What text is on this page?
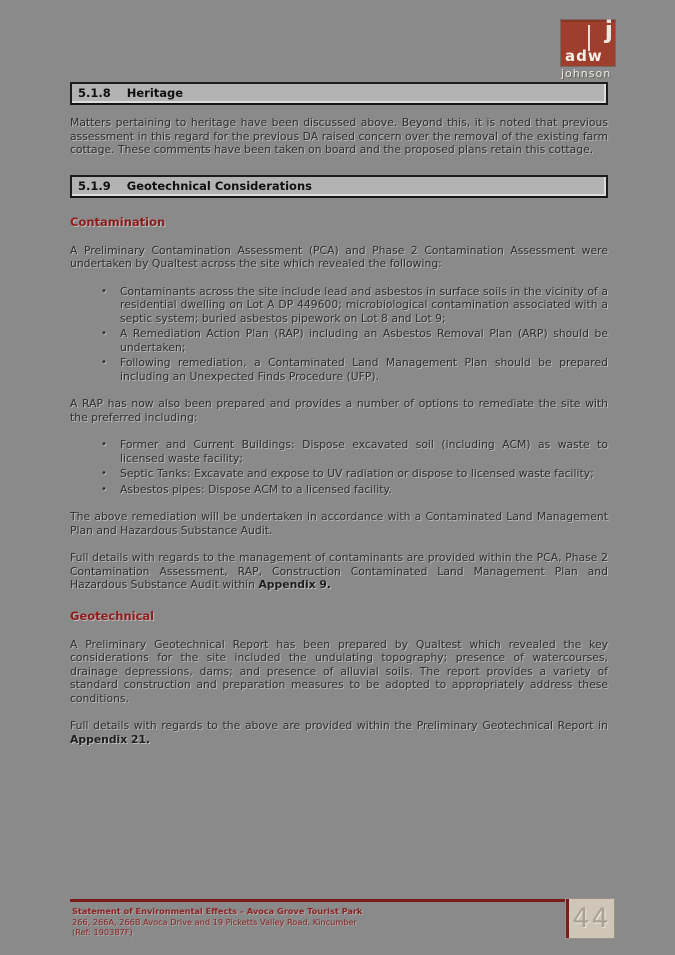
j
adw
johnson
5.1.8 Heritage

Matters pertaining to heritage have been discussed above. Beyond this, it is noted that previous assessment in this regard for the previous DA raised concern over the removal of the existing farm cottage. These comments have been taken on board and the proposed plans retain this cottage.

5.1.9 Geotechnical Considerations
Contamination

A Preliminary Contamination Assessment (PCA) and Phase 2 Contamination Assessment were undertaken by Qualtest across the site which revealed the following:

• Contaminants across the site include lead and asbestos in surface soils in the vicinity of a residential dwelling on Lot A DP 449600; microbiological contamination associated with a septic system; buried asbestos pipework on Lot 8 and Lot 9;
• A Remediation Action Plan (RAP) including an Asbestos Removal Plan (ARP) should be undertaken;
• Following remediation, a Contaminated Land Management Plan should be prepared including an Unexpected Finds Procedure (UFP).

A RAP has now also been prepared and provides a number of options to remediate the site with the preferred including:

• Former and Current Buildings: Dispose excavated soil (including ACM) as waste to licensed waste facility;
• Septic Tanks: Excavate and expose to UV radiation or dispose to licensed waste facility;
• Asbestos pipes: Dispose ACM to a licensed facility.

The above remediation will be undertaken in accordance with a Contaminated Land Management Plan and Hazardous Substance Audit.

Full details with regards to the management of contaminants are provided within the PCA, Phase 2 Contamination Assessment, RAP, Construction Contaminated Land Management Plan and Hazardous Substance Audit within Appendix 9.

Geotechnical

A Preliminary Geotechnical Report has been prepared by Qualtest which revealed the key considerations for the site included the undulating topography; presence of watercourses, drainage depressions, dams; and presence of alluvial soils. The report provides a variety of standard construction and preparation measures to be adopted to appropriately address these conditions.

Full details with regards to the above are provided within the Preliminary Geotechnical Report in Appendix 21.

Statement of Environmental Effects – Avoca Grove Tourist Park
266, 266A, 266B Avoca Drive and 19 Picketts Valley Road, Kincumber
(Ref: 190387F)	44
